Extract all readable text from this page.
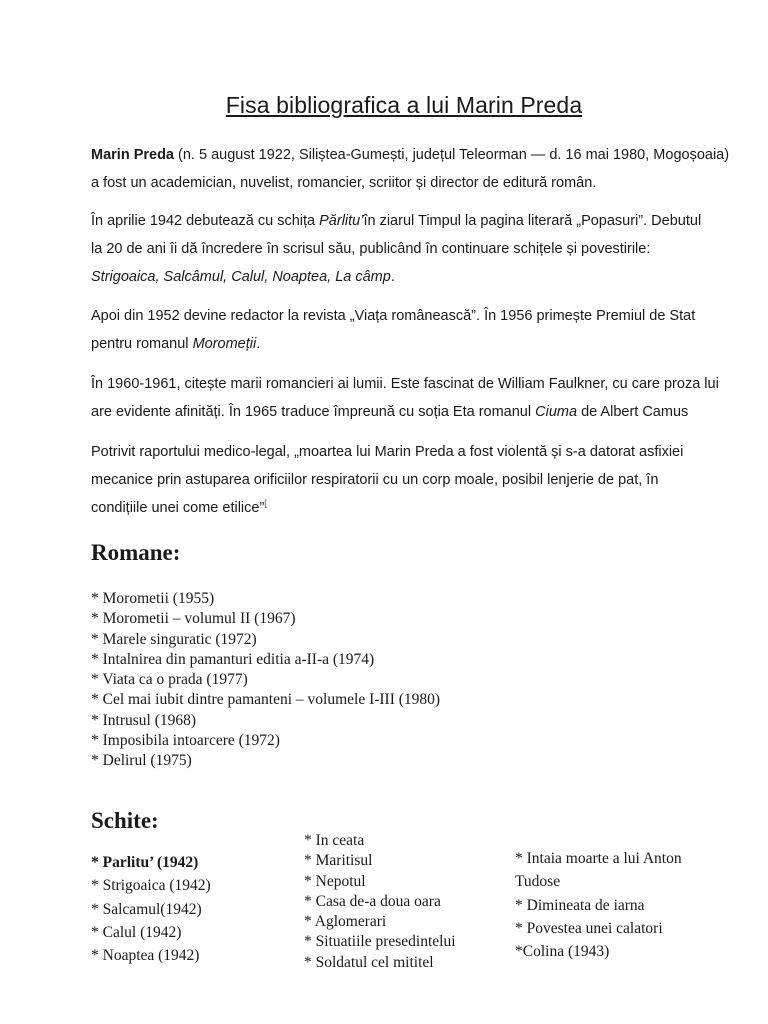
Fisa bibliografica a lui Marin Preda
Marin Preda (n. 5 august 1922, Siliștea-Gumești, județul Teleorman — d. 16 mai 1980, Mogoșoaia)
a fost un academician, nuvelist, romancier, scriitor și director de editură român.
În aprilie 1942 debutează cu schița Părlitu’în ziarul Timpul la pagina literară „Popasuri”. Debutul
la 20 de ani îi dă încredere în scrisul său, publicând în continuare schițele și povestirile:
Strigoaica, Salcâmul, Calul, Noaptea, La câmp.
Apoi din 1952 devine redactor la revista „Viața românească”. În 1956 primește Premiul de Stat
pentru romanul Moromeții.
În 1960-1961, citește marii romancieri ai lumii. Este fascinat de William Faulkner, cu care proza lui
are evidente afinități. În 1965 traduce împreună cu soția Eta romanul Ciuma de Albert Camus
Potrivit raportului medico-legal, „moartea lui Marin Preda a fost violentă și s-a datorat asfixiei
mecanice prin astuparea orificiilor respiratorii cu un corp moale, posibil lenjerie de pat, în
condițiile unei come etilice”[
Romane:
* Morometii (1955)
* Morometii – volumul II (1967)
* Marele singuratic (1972)
* Intalnirea din pamanturi editia a-II-a (1974)
* Viata ca o prada (1977)
* Cel mai iubit dintre pamanteni – volumele I-III (1980)
* Intrusul (1968)
* Imposibila intoarcere (1972)
* Delirul (1975)
Schite:
* Parlitu’ (1942)
* Strigoaica (1942)
* Salcamul(1942)
* Calul (1942)
* Noaptea (1942)
* In ceata
* Maritisul
* Nepotul
* Casa de-a doua oara
* Aglomerari
* Situatiile presedintelui
* Soldatul cel mititel
* Intaia moarte a lui Anton
Tudose
* Dimineata de iarna
* Povestea unei calatori
*Colina (1943)
